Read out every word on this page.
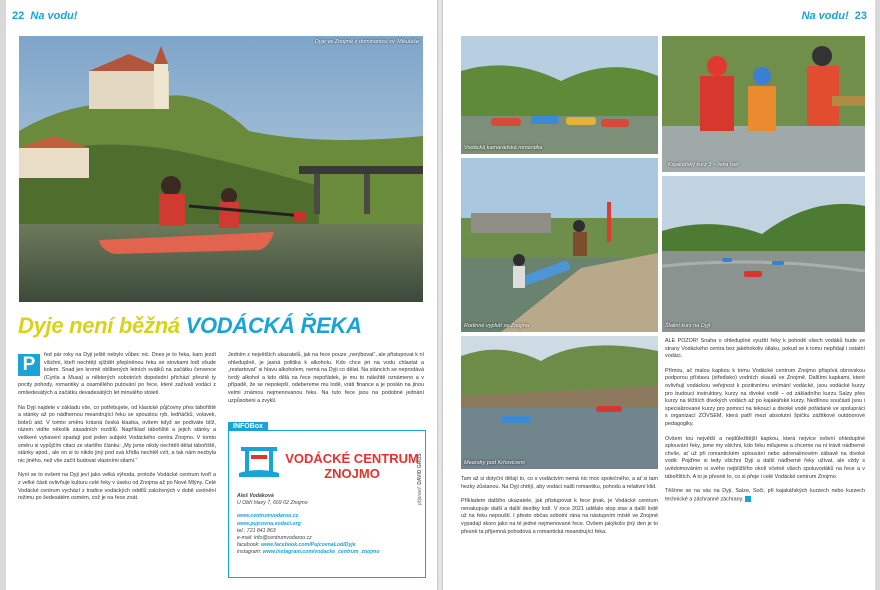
22 Na vodu!
Dyje ve Znojmě s dominantou sv. Mikuláše
Dyje není běžná VODÁCKÁ ŘEKA

P	řed pár roky na Dyji ještě nebylo vůbec nic. Dnes je to řeka, kam jezdí všichni, kteří nechtějí sjíždět přeplněnou řeku se stovkami lodí všude kolem. Snad jen kromě oblíbených letních svátků na začátku července (Cyrila a Musa) a některých sobotních dopolední přichází přesně ty pocity pohody, romantiky a osamělého putování po řece, které zažívali vodáci z omšedesátých a začátku devadesátých let minulého století.

Na Dyji najdete v základu vše, co potřebujete, od klasické půjčovny přes tábořiště a stánky až po nádhernou meandrující řeku se spoustou ryb, ledňáčků, volavek, bobrů atd. V tomto směru krásná česká klasika, ovšem když se podíváte blíž, rázem vidíte několik zásadních rozdílů. Například tábořiště a jejich stánky a veškeré vybavení spadají pod jeden subjekt Vodáckého centra Znojmo. V tomto směru si vypůjčím citaci ze startího článku: „My jsme nikdy nechtěli dělat tábořiště, stánky apod., ale on si to nikdo jiný pod svá křídla nechtěl vzít, a tak nám nezbyla nic jiného, než vše začít budovat vlastními silami.“

Nyní se to ovšem na Dyji jeví jako velká výhoda, protože Vodácké centrum tvoří a z velké části ovlivňuje kulturu celé řeky v úseku od Znojma až po Nové Mlýny. Celé Vodácké centrum vychází z tradice vodáckých oddílů založených v době uvolnění režimu po šedesátém osmém, což je na řece znát.

Jedním z největších ukazatelů, jak na řece pouze „nerýbovat“, ale přistupovat k ní ohleduplně, je jasná politika k alkoholu. Kdo chce jet na vodu chlastat a „restartovat“ si hlavu alkoholem, nemá na Dyji co dělat. Na stáncích se neprodává tvrdý alkohol a kdo dělá na řece nepořádek, je mu to náležitě oznámeno a v případě, že se nepolepší, odebereme mu lodě, vrátí finance a je poslán na jinou velmi známou nejmenovanou řeku. Na tuto řece jsou na podobné jednání uzpůsobeni a zvyklí.

INFOBox
VODÁCKÉ CENTRUM ZNOJMO
Aleš Vodáková
U Obří hlavy 7, 669 02 Znojmo
www.centrumvodaroo.cz
www.pujcovna.vodaci.org
tel.: 721 841 863
e-mail: info@centrumvodaroo.cz
facebook: www.facebook.com/PujcovnaLodiDyje
instagram: www.instagram.com/vodacke_centrum_znojmo
připravil: DAVID GROS
Na vodu! 23
Vodácká kamarádská romantika
Kajakářský kurz 3 – řeka Isel
Rodinné vyplutí ze Znojma	Šlalini kurz na Dyji
Meandry pod Krhovicemi

Tam až si dotyční dělají to, co s vodáctvím nemá nic moc společného, a ať si tam hezky zůstanou. Na Dyji chtějí, aby vodáci našli romantiku, pohodu a relativní klid.

Příkladem dalšího ukazatele, jak přistupovat k řece jinak, je Vodácké centrum nenakupuje další a další desítky lodí. V roce 2021 udělalo stop stav a další lodě už na řeku nepouští. I přesto občas sobotní rána na nástupním místě ve Znojmě vypadají skoro jako na té jedné nejmenované řece. Ovšem jakýkoliv jiný den je to přesně ta příjemná pohodová a romantická meandrující řeka.

ALE POZOR! Snaha o ohleduplné využití řeky k pohodě všech vodáků bude ze strany Vodáckého centra bez jakéhokoliv útlaku, pokud se k tomu nepřidají i ostatní vodáci.

Přímou, ač malou kapkou k tomu Vodácké centrum Znojmo přispívá obrovskou podporou přístavu (středisko) vodních skautů ve Znojmě. Dalšími kapkami, které ovlivňují vodáckou veřejnost k pozitivnímu vnímání vodácké, jsou vodácké kurzy pro budoucí instruktory, kurzy na divoké vodě – od základního kurzu Salzy přes kurzy na těžších divokých vodách až po kajakářské kurzy. Nedílnou součástí jsou i specializované kurzy pro pomoci na tekoucí a divoké vodě pořádané ve spolupráci s organizací ZÓVSEM, která patří mezi absolutní špičku zážitkové outdoorové pedagogiky.

Ovšem tou největší a nejdůležitější kapkou, která nejvíce ovlivní ohleduplné splouvání řeky, jsme my všichni, kdo řeku milujeme a chceme na ní trávit nádherné chvíle, ať už při romantickém splouvání nebo adrenalinovém zábavě na divoké vodě. Pojďme si tedy všichni Dyji a další nádherné řeky užívat, ale vždy s uvědomováním si svého nejbližšího okolí včetně všech spoluvodáků na řece a v tábořištích. A to je přesně to, co si přeje i celé Vodácké centrum Znojmo.

Těšíme se na vás na Dyji, Salze, Soči, při kajakářských kurzech nebo kurzech technické a záchranné záchrany.
